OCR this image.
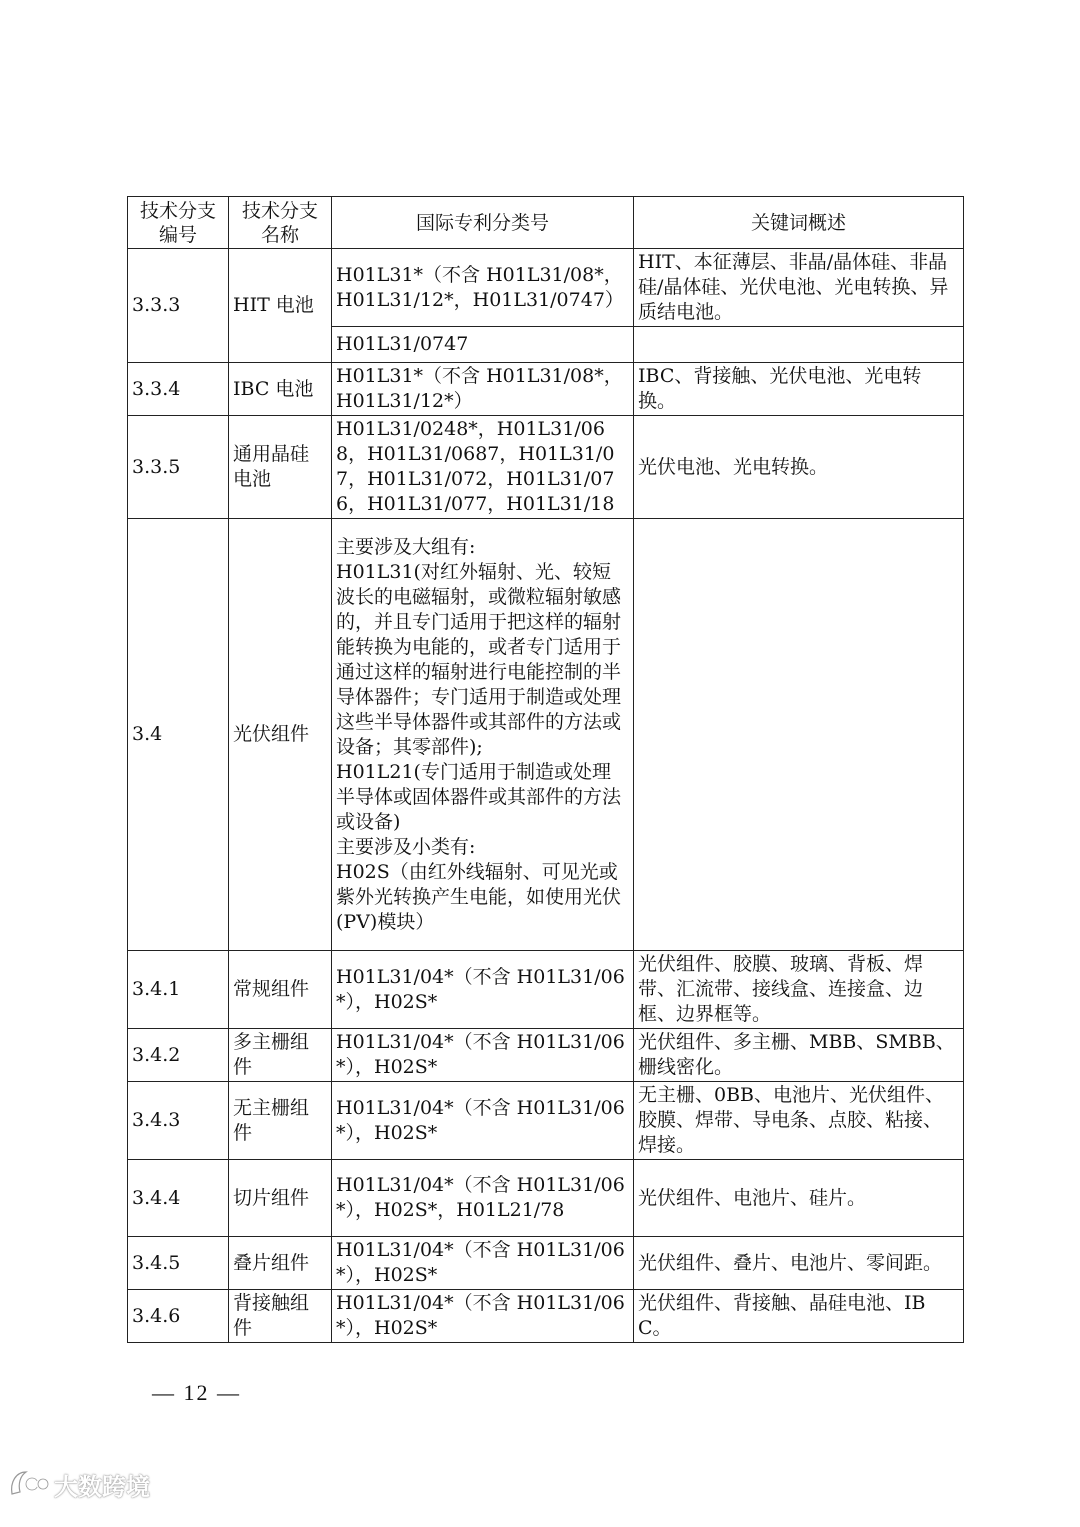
技术分支编号	技术分支名称	国际专利分类号	关键词概述
3.3.3	HIT 电池	H01L31*（不含 H01L31/08*，H01L31/12*，H01L31/0747）	HIT、本征薄层、非晶/晶体硅、非晶硅/晶体硅、光伏电池、光电转换、异质结电池。
		H01L31/0747	
3.3.4	IBC 电池	H01L31*（不含 H01L31/08*，H01L31/12*）	IBC、背接触、光伏电池、光电转换。
3.3.5	通用晶硅电池	H01L31/0248*，H01L31/068，H01L31/0687，H01L31/07，H01L31/072，H01L31/076，H01L31/077，H01L31/18	光伏电池、光电转换。
3.4	光伏组件	主要涉及大组有:
H01L31(对红外辐射、光、较短波长的电磁辐射，或微粒辐射敏感的，并且专门适用于把这样的辐射能转换为电能的，或者专门适用于通过这样的辐射进行电能控制的半导体器件；专门适用于制造或处理这些半导体器件或其部件的方法或设备；其零部件);
H01L21(专门适用于制造或处理半导体或固体器件或其部件的方法或设备)
主要涉及小类有:
H02S（由红外线辐射、可见光或紫外光转换产生电能，如使用光伏(PV)模块）	
3.4.1	常规组件	H01L31/04*（不含 H01L31/06*），H02S*	光伏组件、胶膜、玻璃、背板、焊带、汇流带、接线盒、连接盒、边框、边界框等。
3.4.2	多主栅组件	H01L31/04*（不含 H01L31/06*），H02S*	光伏组件、多主栅、MBB、SMBB、栅线密化。
3.4.3	无主栅组件	H01L31/04*（不含 H01L31/06*），H02S*	无主栅、0BB、电池片、光伏组件、胶膜、焊带、导电条、点胶、粘接、焊接。
3.4.4	切片组件	H01L31/04*（不含 H01L31/06*），H02S*，H01L21/78	光伏组件、电池片、硅片。
3.4.5	叠片组件	H01L31/04*（不含 H01L31/06*），H02S*	光伏组件、叠片、电池片、零间距。
3.4.6	背接触组件	H01L31/04*（不含 H01L31/06*），H02S*	光伏组件、背接触、晶硅电池、IBC。
— 12 —
大数跨境
